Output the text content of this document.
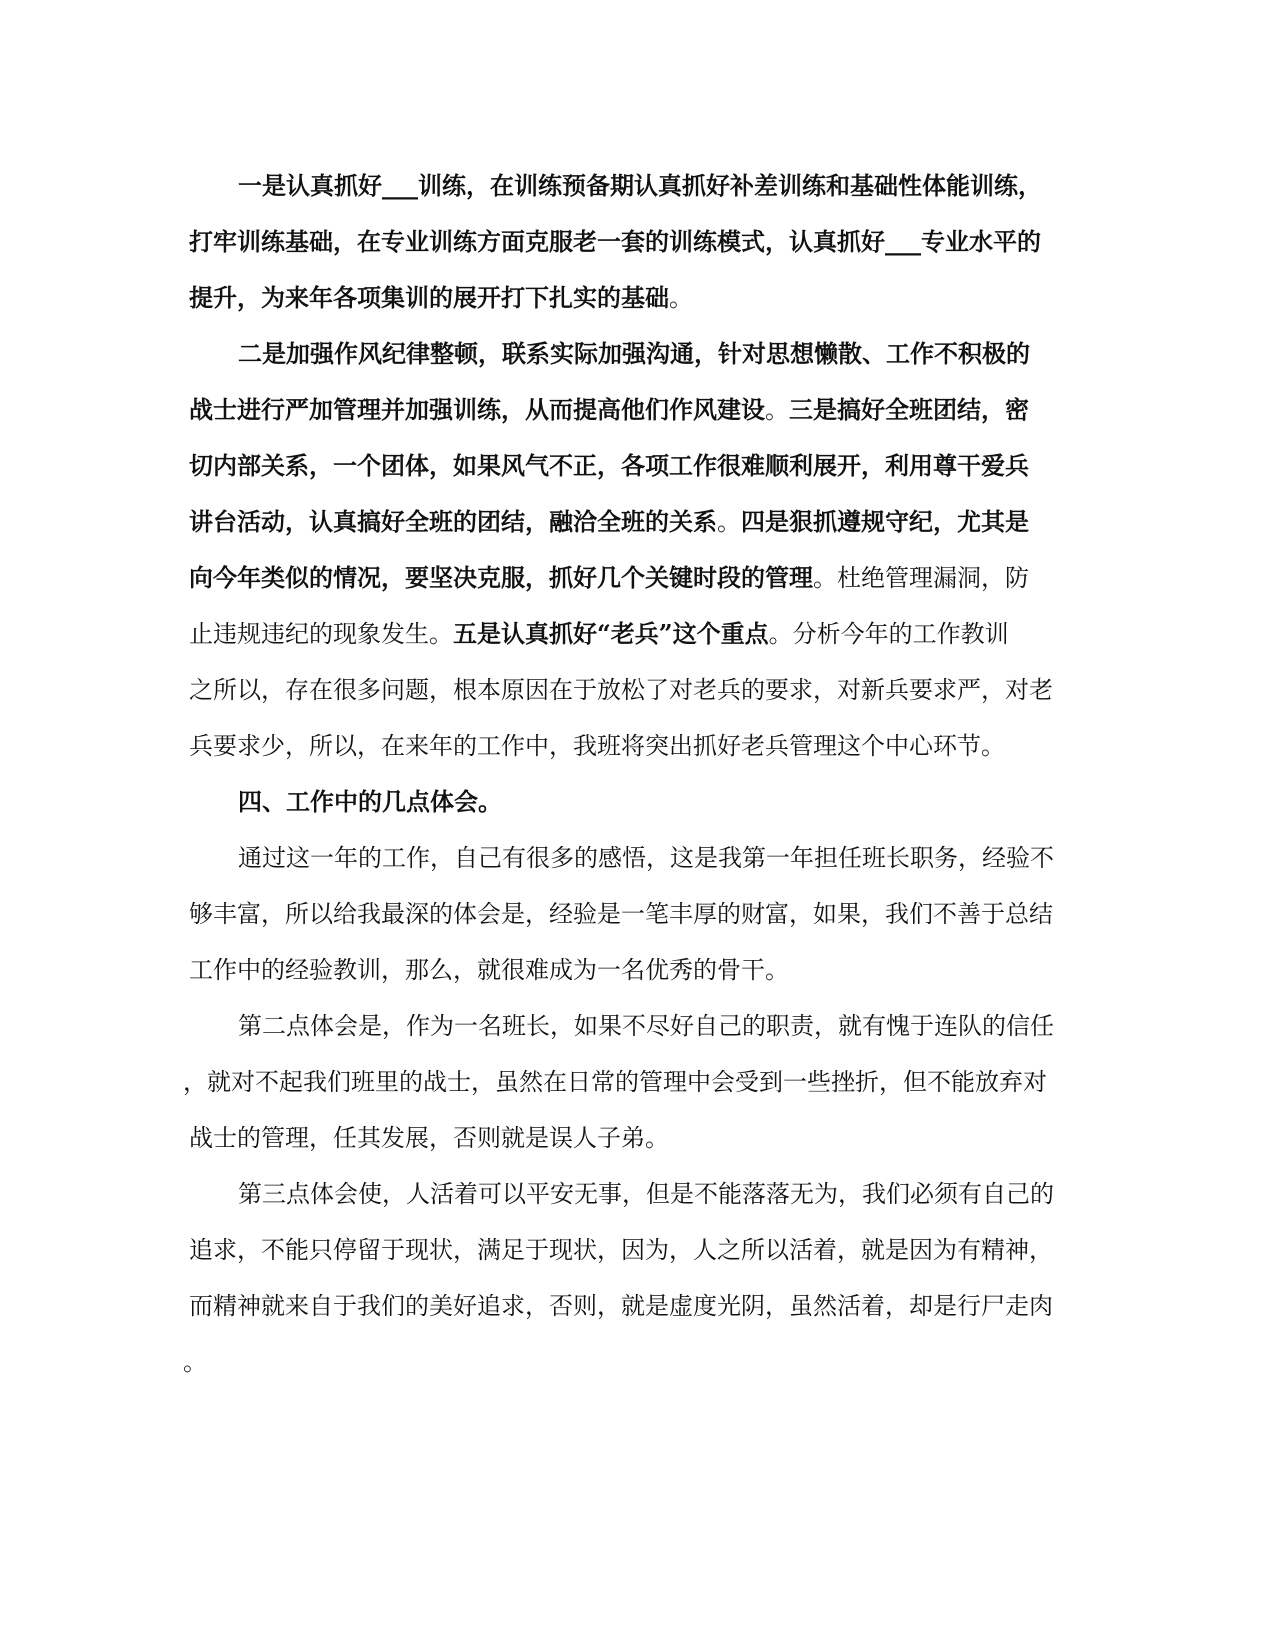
一是认真抓好___训练，在训练预备期认真抓好补差训练和基础性体能训练，
打牢训练基础，在专业训练方面克服老一套的训练模式，认真抓好___专业水平的
提升，为来年各项集训的展开打下扎实的基础。
二是加强作风纪律整顿，联系实际加强沟通，针对思想懒散、工作不积极的
战士进行严加管理并加强训练，从而提高他们作风建设。三是搞好全班团结，密
切内部关系，一个团体，如果风气不正，各项工作很难顺利展开，利用尊干爱兵
讲台活动，认真搞好全班的团结，融洽全班的关系。四是狠抓遵规守纪，尤其是
向今年类似的情况，要坚决克服，抓好几个关键时段的管理。杜绝管理漏洞，防
止违规违纪的现象发生。五是认真抓好“老兵”这个重点。分析今年的工作教训
之所以，存在很多问题，根本原因在于放松了对老兵的要求，对新兵要求严，对老
兵要求少，所以，在来年的工作中，我班将突出抓好老兵管理这个中心环节。
四、工作中的几点体会。
通过这一年的工作，自己有很多的感悟，这是我第一年担任班长职务，经验不
够丰富，所以给我最深的体会是，经验是一笔丰厚的财富，如果，我们不善于总结
工作中的经验教训，那么，就很难成为一名优秀的骨干。
第二点体会是，作为一名班长，如果不尽好自己的职责，就有愧于连队的信任
，就对不起我们班里的战士，虽然在日常的管理中会受到一些挫折，但不能放弃对
战士的管理，任其发展，否则就是误人子弟。
第三点体会使，人活着可以平安无事，但是不能落落无为，我们必须有自己的
追求，不能只停留于现状，满足于现状，因为，人之所以活着，就是因为有精神，
而精神就来自于我们的美好追求，否则，就是虚度光阴，虽然活着，却是行尸走肉
。
